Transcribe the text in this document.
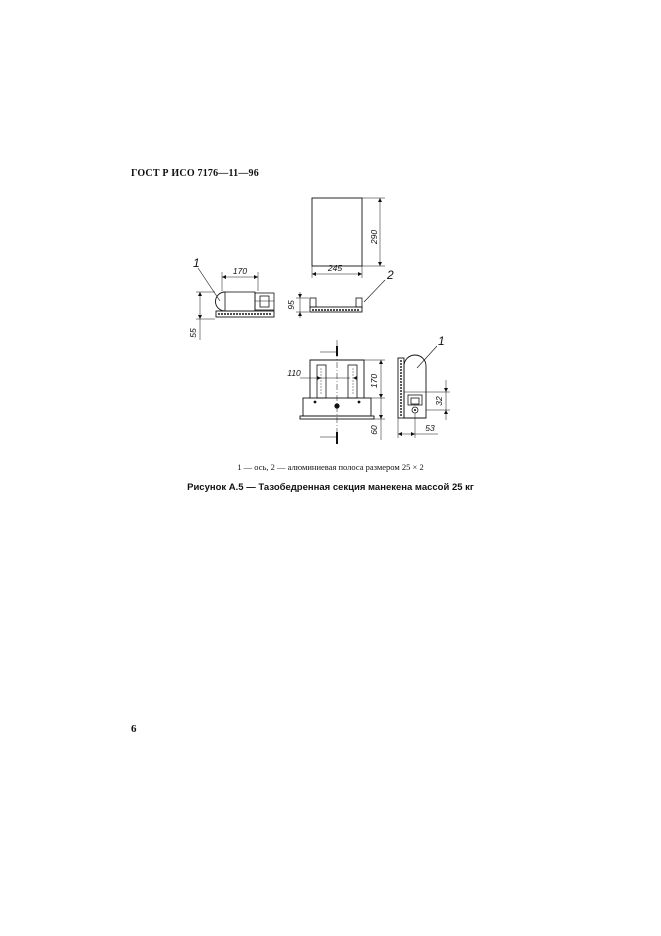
ГОСТ Р ИСО 7176—11—96
290
245
1
170
55
2
95
110
170
60
1
32
53
1 — ось, 2 — алюминиевая полоса размером 25 × 2
Рисунок А.5 — Тазобедренная секция манекена массой 25 кг
6
